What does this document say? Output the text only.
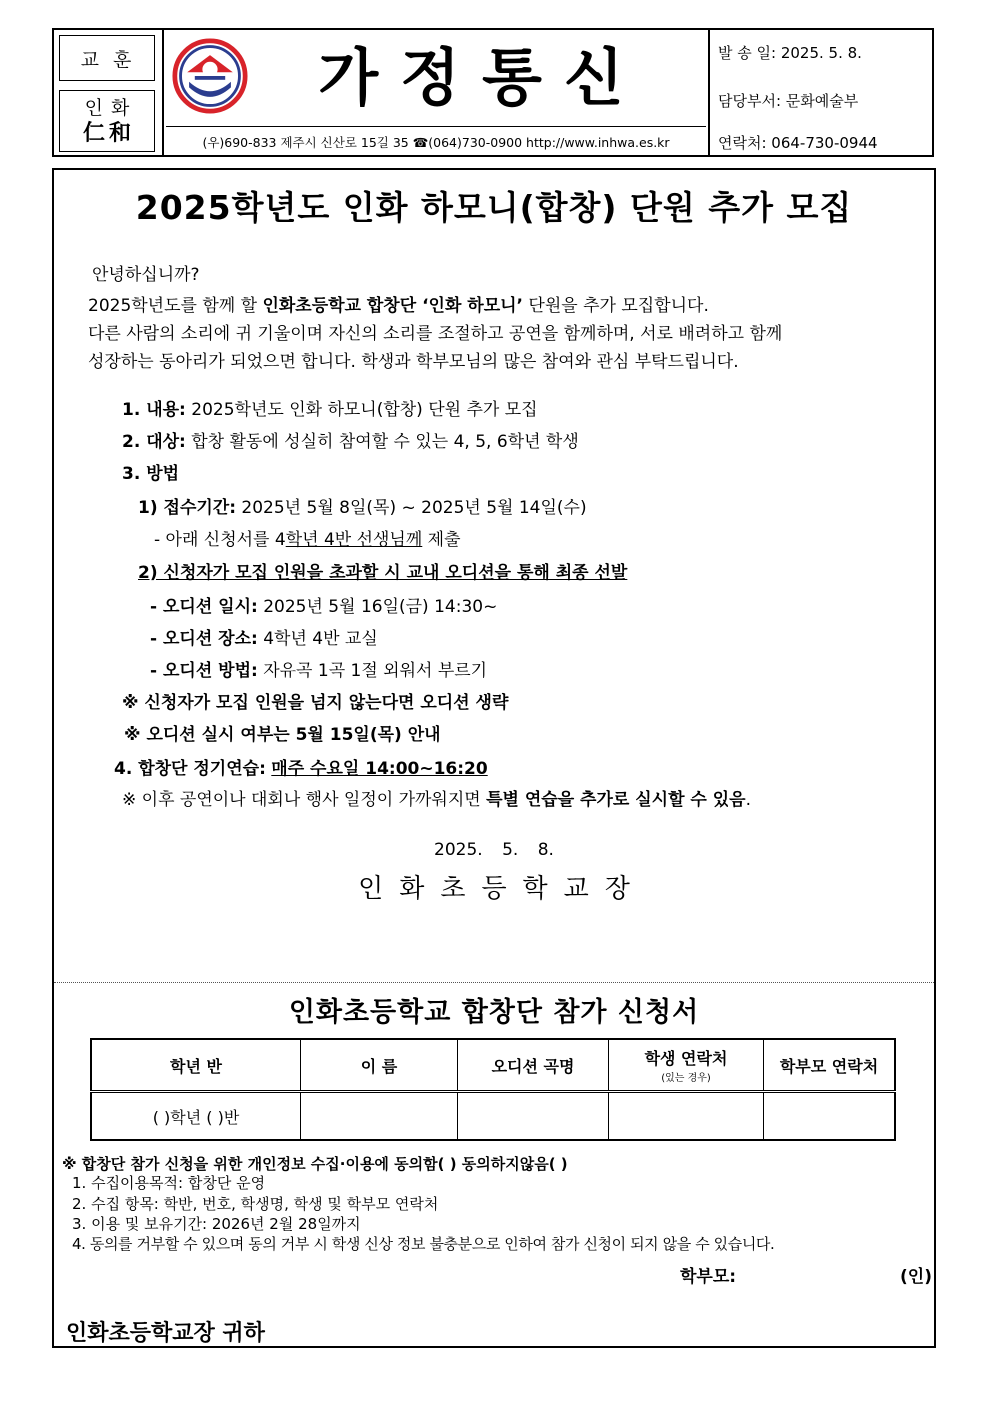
교훈
인화
仁和
가정통신
(우)690-833 제주시 신산로 15길 35 ☎(064)730-0900 http://www.inhwa.es.kr
발 송 일: 2025. 5. 8.
담당부서: 문화예술부
연락처: 064-730-0944
2025학년도 인화 하모니(합창) 단원 추가 모집
안녕하십니까?
2025학년도를 함께 할 인화초등학교 합창단 ‘인화 하모니’ 단원을 추가 모집합니다.
다른 사람의 소리에 귀 기울이며 자신의 소리를 조절하고 공연을 함께하며, 서로 배려하고 함께
성장하는 동아리가 되었으면 합니다. 학생과 학부모님의 많은 참여와 관심 부탁드립니다.
1. 내용: 2025학년도 인화 하모니(합창) 단원 추가 모집
2. 대상: 합창 활동에 성실히 참여할 수 있는 4, 5, 6학년 학생
3. 방법
1) 접수기간: 2025년 5월 8일(목) ~ 2025년 5월 14일(수)
- 아래 신청서를 4학년 4반 선생님께 제출
2) 신청자가 모집 인원을 초과할 시 교내 오디션을 통해 최종 선발
- 오디션 일시: 2025년 5월 16일(금) 14:30~
- 오디션 장소: 4학년 4반 교실
- 오디션 방법: 자유곡 1곡 1절 외워서 부르기
※ 신청자가 모집 인원을 넘지 않는다면 오디션 생략
※ 오디션 실시 여부는 5월 15일(목) 안내
4. 합창단 정기연습: 매주 수요일 14:00~16:20
※ 이후 공연이나 대회나 행사 일정이 가까워지면 특별 연습을 추가로 실시할 수 있음.
2025. 5. 8.
인화초등학교장
인화초등학교 합창단 참가 신청서
학년 반	이 름	오디션 곡명	학생 연락처
(있는 경우)	학부모 연락처
( )학년 ( )반				
※ 합창단 참가 신청을 위한 개인정보 수집·이용에 동의함( ) 동의하지않음( )
1. 수집이용목적: 합창단 운영
2. 수집 항목: 학반, 번호, 학생명, 학생 및 학부모 연락처
3. 이용 및 보유기간: 2026년 2월 28일까지
4. 동의를 거부할 수 있으며 동의 거부 시 학생 신상 정보 불충분으로 인하여 참가 신청이 되지 않을 수 있습니다.
학부모:	(인)
인화초등학교장 귀하
